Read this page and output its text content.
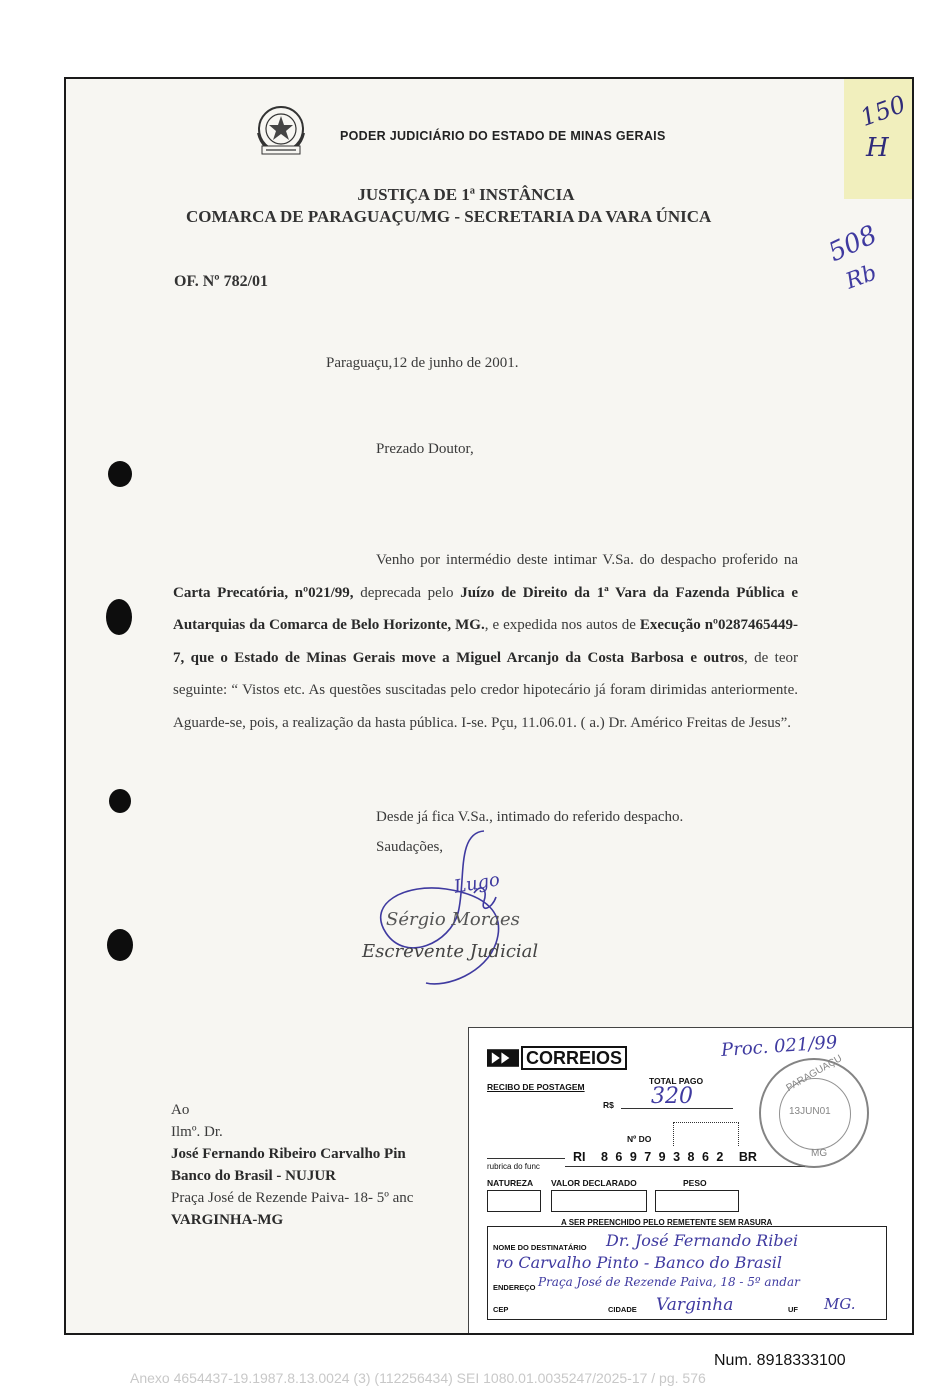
PODER JUDICIÁRIO DO ESTADO DE MINAS GERAIS
JUSTIÇA DE 1ª INSTÂNCIA
COMARCA DE PARAGUAÇU/MG - SECRETARIA DA VARA ÚNICA
OF. Nº 782/01
150
H
508
Rb
Paraguaçu,12 de junho de 2001.
Prezado Doutor,

Venho por intermédio deste intimar V.Sa. do despacho proferido na Carta Precatória, nº021/99, deprecada pelo Juízo de Direito da 1ª Vara da Fazenda Pública e Autarquias da Comarca de Belo Horizonte, MG., e expedida nos autos de Execução nº0287465449-7, que o Estado de Minas Gerais move a Miguel Arcanjo da Costa Barbosa e outros, de teor seguinte: “ Vistos etc. As questões suscitadas pelo credor hipotecário já foram dirimidas anteriormente. Aguarde-se, pois, a realização da hasta pública. I-se. Pçu, 11.06.01. ( a.) Dr. Américo Freitas de Jesus”.

Desde já fica V.Sa., intimado do referido despacho.
Saudações,
Lugo
Sérgio Moraes
Escrevente Judicial
Ao
Ilmº. Dr.
José Fernando Ribeiro Carvalho Pin
Banco do Brasil - NUJUR
Praça José de Rezende Paiva- 18- 5º anc
VARGINHA-MG
CORREIOS
RECIBO DE POSTAGEM
TOTAL PAGO
R$ 320
Nº DO
rubrica do func
RI 8 6 9 7 9 3 8 6 2 BR
NATUREZA VALOR DECLARADO	PESO
A SER PREENCHIDO PELO REMETENTE SEM RASURA
NOME DO DESTINATÁRIO Dr. José Fernando Ribei
ro Carvalho Pinto - Banco do Brasil
ENDEREÇO Praça José de Rezende Paiva, 18 - 5º andar
CEP	CIDADE Varginha	UF MG.
Proc. 021/99
PARAGUAÇU
13JUN01
MG
Num. 8918333100
Anexo 4654437-19.1987.8.13.0024 (3) (112256434) SEI 1080.01.0035247/2025-17 / pg. 576
